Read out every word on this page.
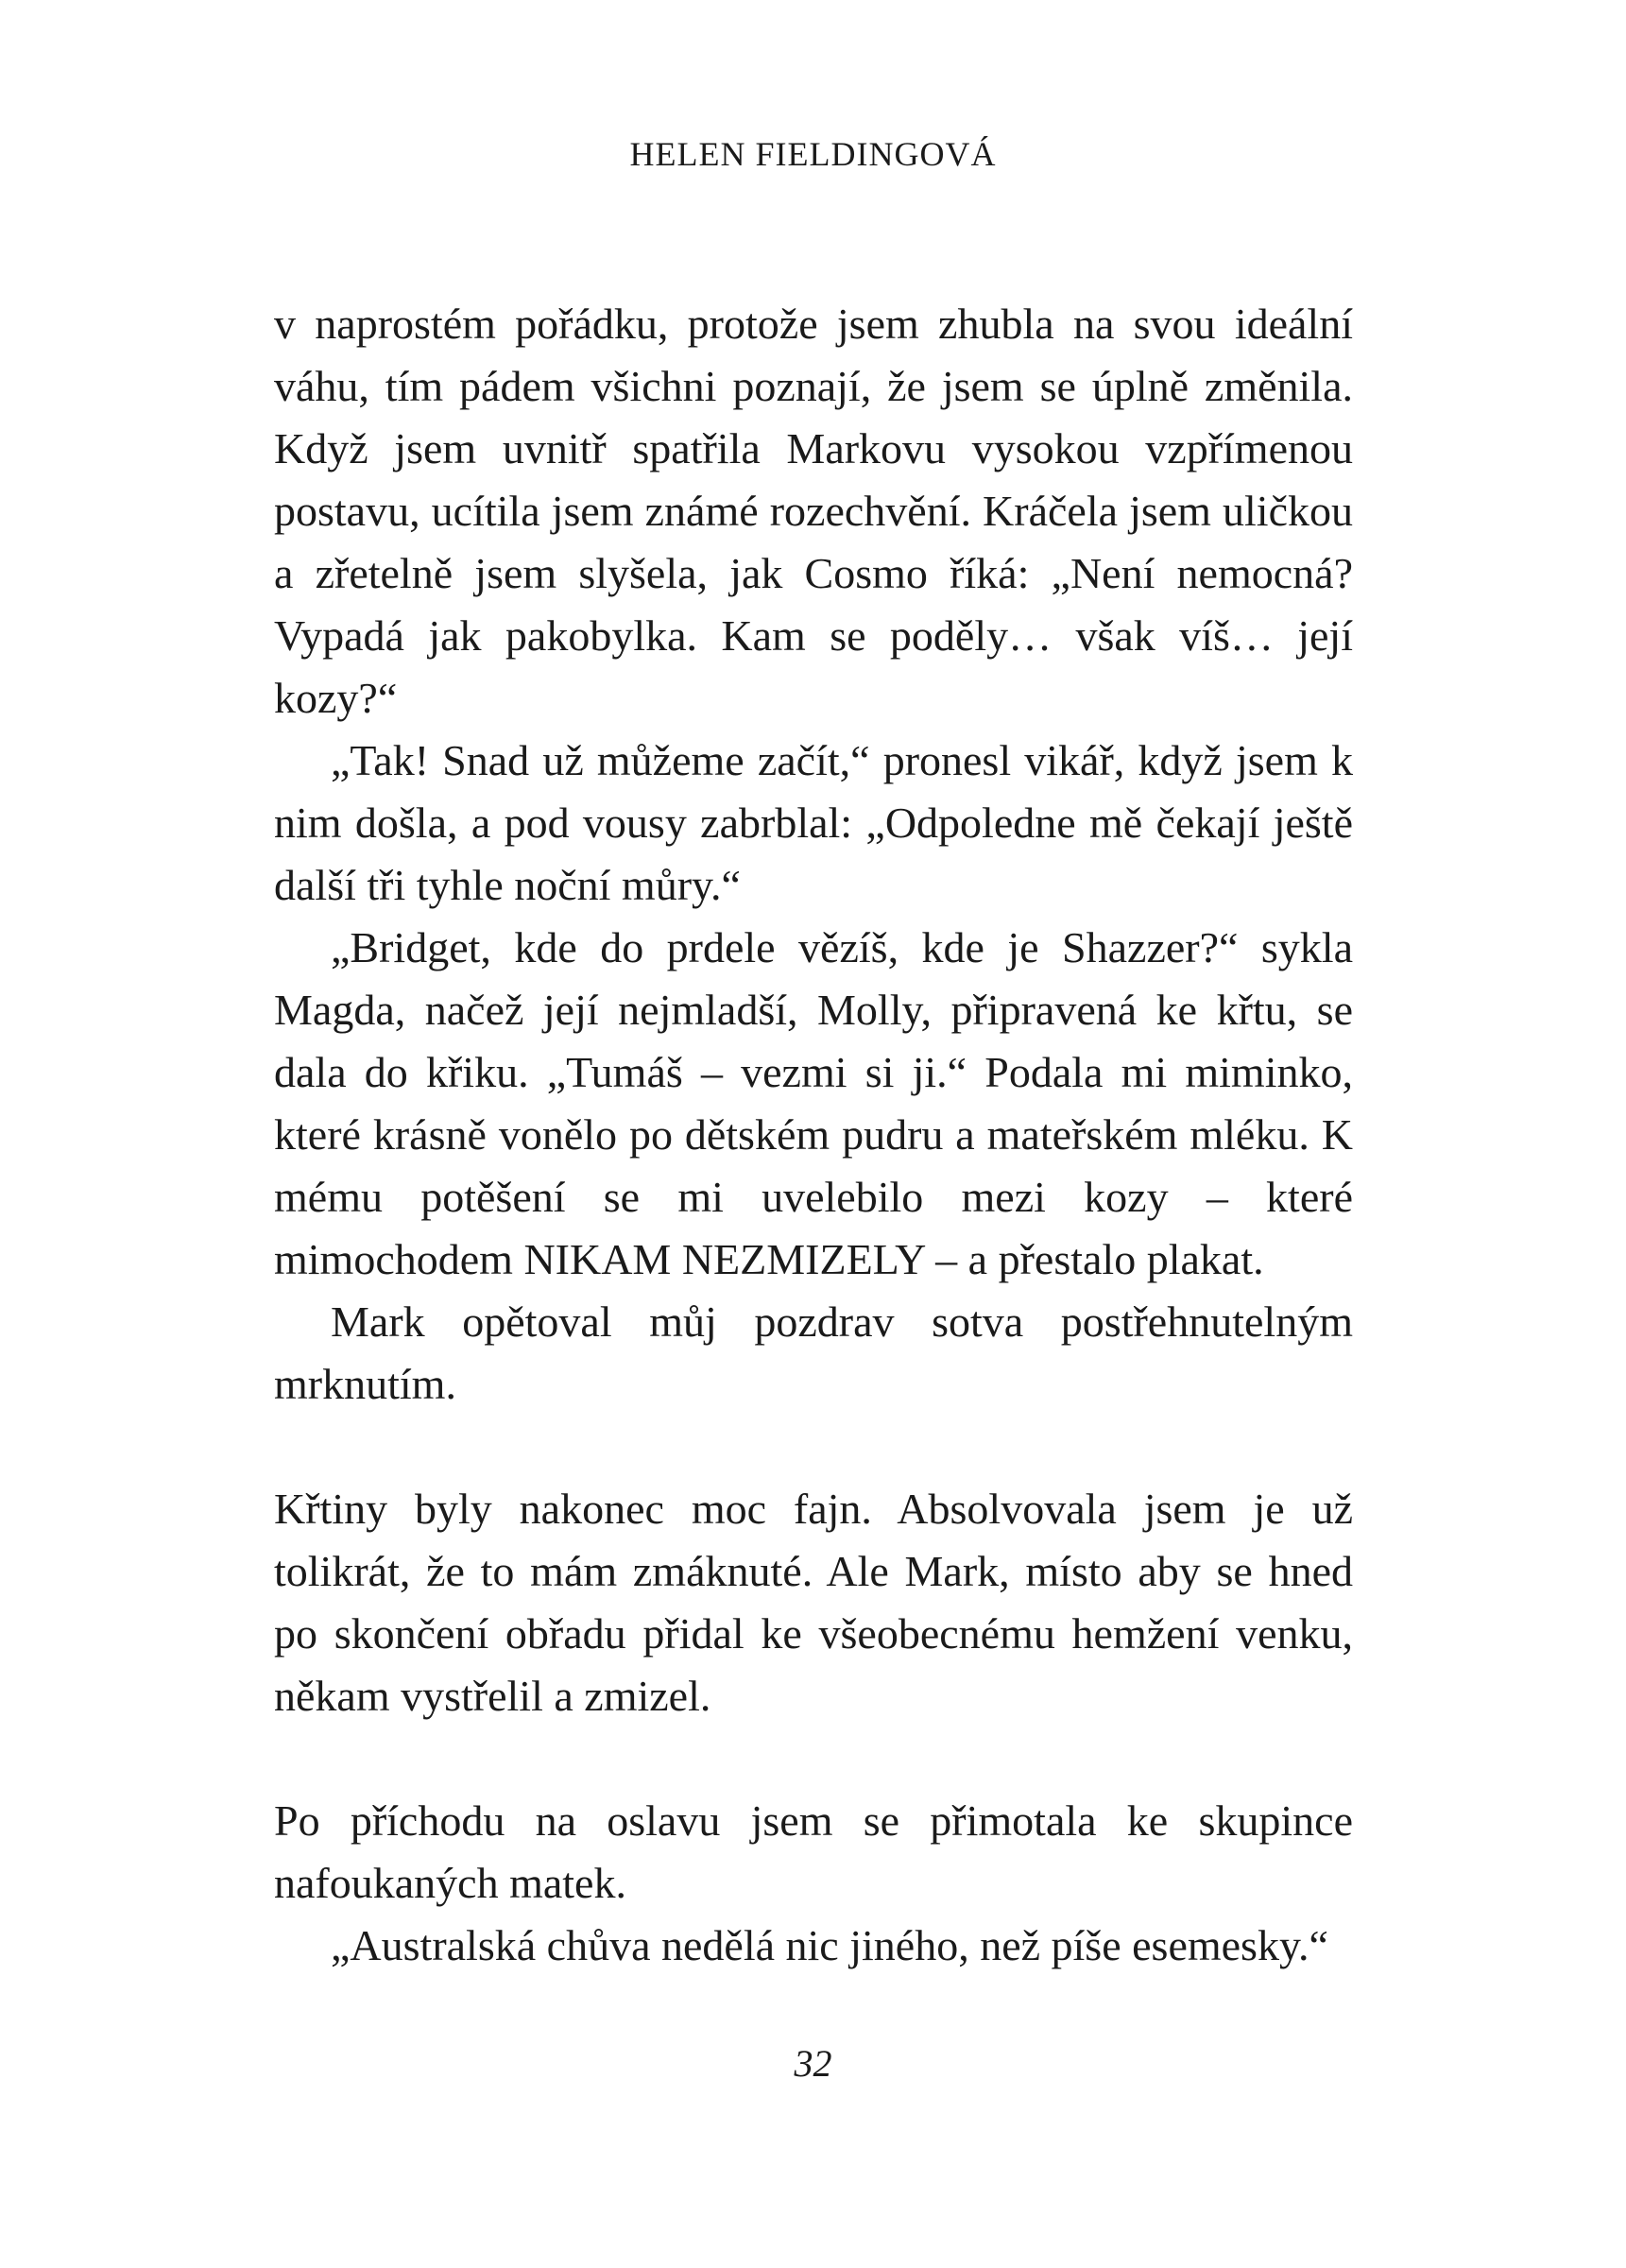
HELEN FIELDINGOVÁ

v naprostém pořádku, protože jsem zhubla na svou ideální váhu, tím pádem všichni poznají, že jsem se úplně změnila. Když jsem uvnitř spatřila Markovu vysokou vzpřímenou postavu, ucítila jsem známé rozechvění. Kráčela jsem uličkou a zřetelně jsem slyšela, jak Cosmo říká: „Není nemocná? Vypadá jak pakobylka. Kam se poděly… však víš… její kozy?“

„Tak! Snad už můžeme začít,“ pronesl vikář, když jsem k nim došla, a pod vousy zabrblal: „Odpoledne mě čekají ještě další tři tyhle noční můry.“

„Bridget, kde do prdele vězíš, kde je Shazzer?“ sykla Magda, načež její nejmladší, Molly, připravená ke křtu, se dala do křiku. „Tumáš – vezmi si ji.“ Podala mi miminko, které krásně vonělo po dětském pudru a mateřském mléku. K mému potěšení se mi uvelebilo mezi kozy – které mimochodem NIKAM NEZMIZELY – a přestalo plakat.

Mark opětoval můj pozdrav sotva postřehnutelným mrknutím.

Křtiny byly nakonec moc fajn. Absolvovala jsem je už tolikrát, že to mám zmáknuté. Ale Mark, místo aby se hned po skončení obřadu přidal ke všeobecnému hemžení venku, někam vystřelil a zmizel.

Po příchodu na oslavu jsem se přimotala ke skupince nafoukaných matek.

„Australská chůva nedělá nic jiného, než píše esemesky.“

32
